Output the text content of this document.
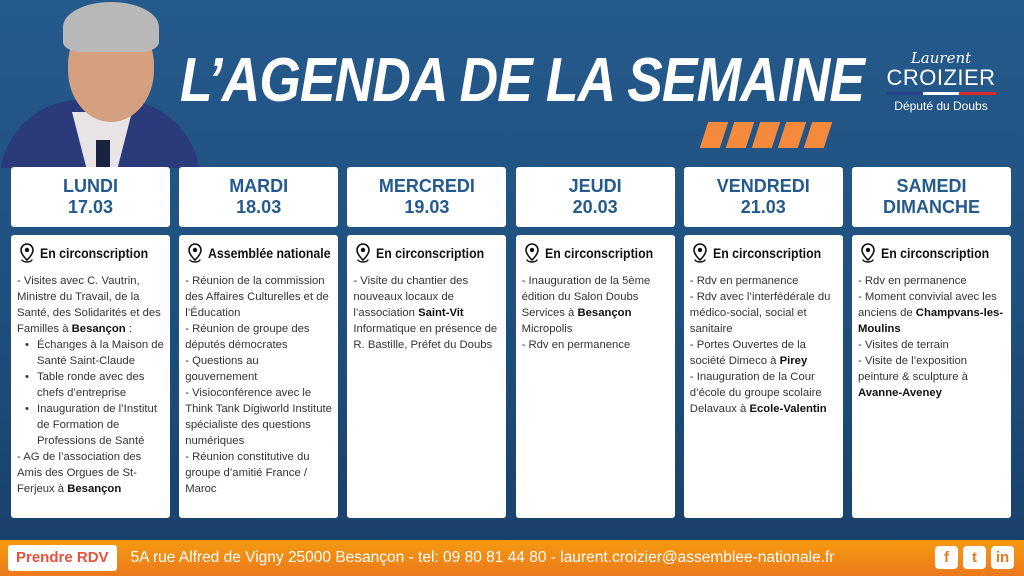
L’AGENDA DE LA SEMAINE	Laurent
CROIZIER
Député du Doubs
LUNDI
17.03
En circonscription

- Visites avec C. Vautrin, Ministre du Travail, de la Santé, des Solidarités et des Familles à Besançon :

• Échanges à la Maison de Santé Saint-Claude
• Table ronde avec des chefs d’entreprise
• Inauguration de l’Institut de Formation de Professions de Santé

- AG de l’association des Amis des Orgues de St-Ferjeux à Besançon

MARDI
18.03
Assemblée nationale

- Réunion de la commission des Affaires Culturelles et de l’Éducation

- Réunion de groupe des députés démocrates

- Questions au gouvernement

- Visioconférence avec le Think Tank Digiworld Institute spécialiste des questions numériques

- Réunion constitutive du groupe d’amitié France / Maroc

MERCREDI
19.03
En circonscription

- Visite du chantier des nouveaux locaux de l’association Saint-Vit Informatique en présence de R. Bastille, Préfet du Doubs

JEUDI
20.03
En circonscription

- Inauguration de la 5ème édition du Salon Doubs Services à Besançon Micropolis

- Rdv en permanence

VENDREDI
21.03
En circonscription

- Rdv en permanence

- Rdv avec l’interfédérale du médico-social, social et sanitaire

- Portes Ouvertes de la société Dimeco à Pirey

- Inauguration de la Cour d’école du groupe scolaire Delavaux à Ecole-Valentin

SAMEDI
DIMANCHE
En circonscription

- Rdv en permanence

- Moment convivial avec les anciens de Champvans-les-Moulins

- Visites de terrain

- Visite de l’exposition peinture & sculpture à Avanne-Aveney

Prendre RDV	5A rue Alfred de Vigny 25000 Besançon - tel: 09 80 81 44 80 - laurent.croizier@assemblee-nationale.fr	f	t	in
